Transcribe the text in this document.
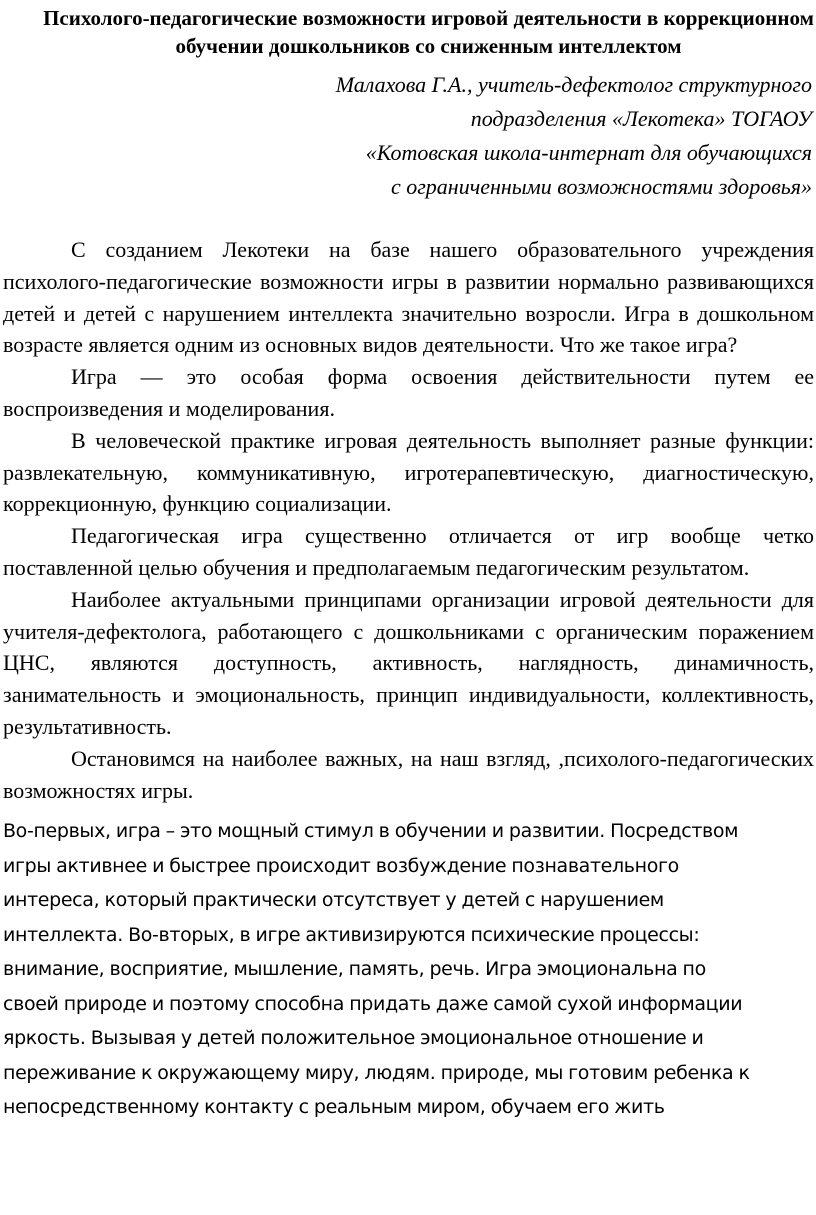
Психолого-педагогические возможности игровой деятельности в коррекционном обучении дошкольников со сниженным интеллектом
Малахова Г.А., учитель-дефектолог структурного
подразделения «Лекотека» ТОГАОУ
«Котовская школа-интернат для обучающихся
с ограниченными возможностями здоровья»

С созданием Лекотеки на базе нашего образовательного учреждения психолого-педагогические возможности игры в развитии нормально развивающихся детей и детей с нарушением интеллекта значительно возросли. Игра в дошкольном возрасте является одним из основных видов деятельности. Что же такое игра?

Игра — это особая форма освоения действительности путем ее воспроизведения и моделирования.

В человеческой практике игровая деятельность выполняет разные функции: развлекательную, коммуникативную, игротерапевтическую, диагностическую, коррекционную, функцию социализации.

Педагогическая игра существенно отличается от игр вообще четко поставленной целью обучения и предполагаемым педагогическим результатом.

Наиболее актуальными принципами организации игровой деятельности для учителя-дефектолога, работающего с дошкольниками с органическим поражением ЦНС, являются доступность, активность, наглядность, динамичность, занимательность и эмоциональность, принцип индивидуальности, коллективность, результативность.

Остановимся на наиболее важных, на наш взгляд, ,психолого-педагогических возможностях игры.

Во-первых, игра – это мощный стимул в обучении и развитии. Посредством
игры активнее и быстрее происходит возбуждение познавательного
интереса, который практически отсутствует у детей с нарушением
интеллекта. Во-вторых, в игре активизируются психические процессы:
внимание, восприятие, мышление, память, речь. Игра эмоциональна по
своей природе и поэтому способна придать даже самой сухой информации
яркость. Вызывая у детей положительное эмоциональное отношение и
переживание к окружающему миру, людям. природе, мы готовим ребенка к
непосредственному контакту с реальным миром, обучаем его жить
